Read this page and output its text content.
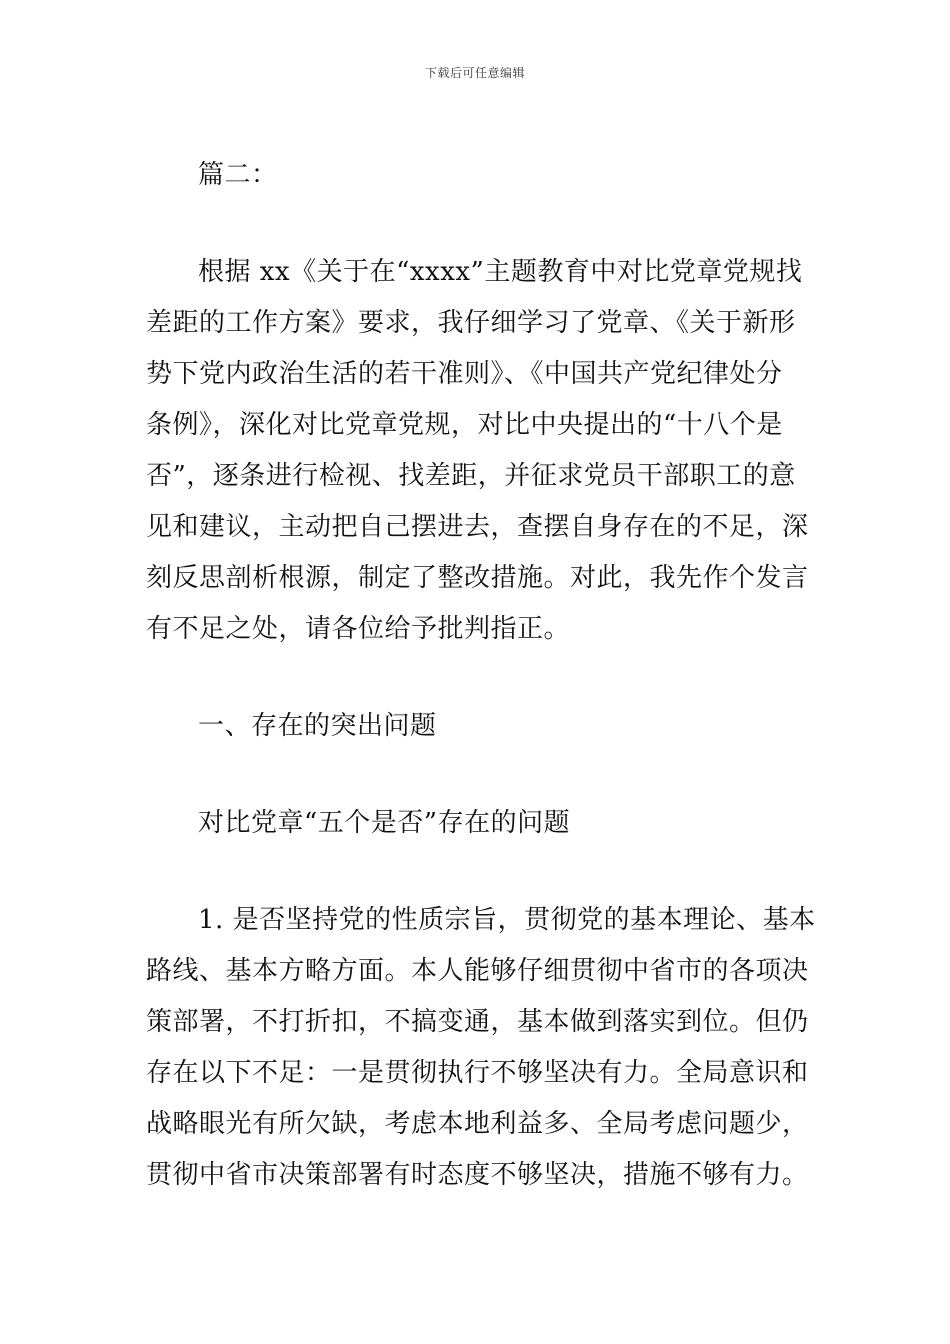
下载后可任意编辑
篇二：
根据 xx《关于在“xxxx”主题教育中对比党章党规找
差距的工作方案》要求，我仔细学习了党章、《关于新形
势下党内政治生活的若干准则》、《中国共产党纪律处分
条例》，深化对比党章党规，对比中央提出的“十八个是
否”，逐条进行检视、找差距，并征求党员干部职工的意
见和建议，主动把自己摆进去，查摆自身存在的不足，深
刻反思剖析根源，制定了整改措施。对此，我先作个发言
有不足之处，请各位给予批判指正。
一、存在的突出问题
对比党章“五个是否”存在的问题
1. 是否坚持党的性质宗旨，贯彻党的基本理论、基本
路线、基本方略方面。本人能够仔细贯彻中省市的各项决
策部署，不打折扣，不搞变通，基本做到落实到位。但仍
存在以下不足：一是贯彻执行不够坚决有力。全局意识和
战略眼光有所欠缺，考虑本地利益多、全局考虑问题少，
贯彻中省市决策部署有时态度不够坚决，措施不够有力。
